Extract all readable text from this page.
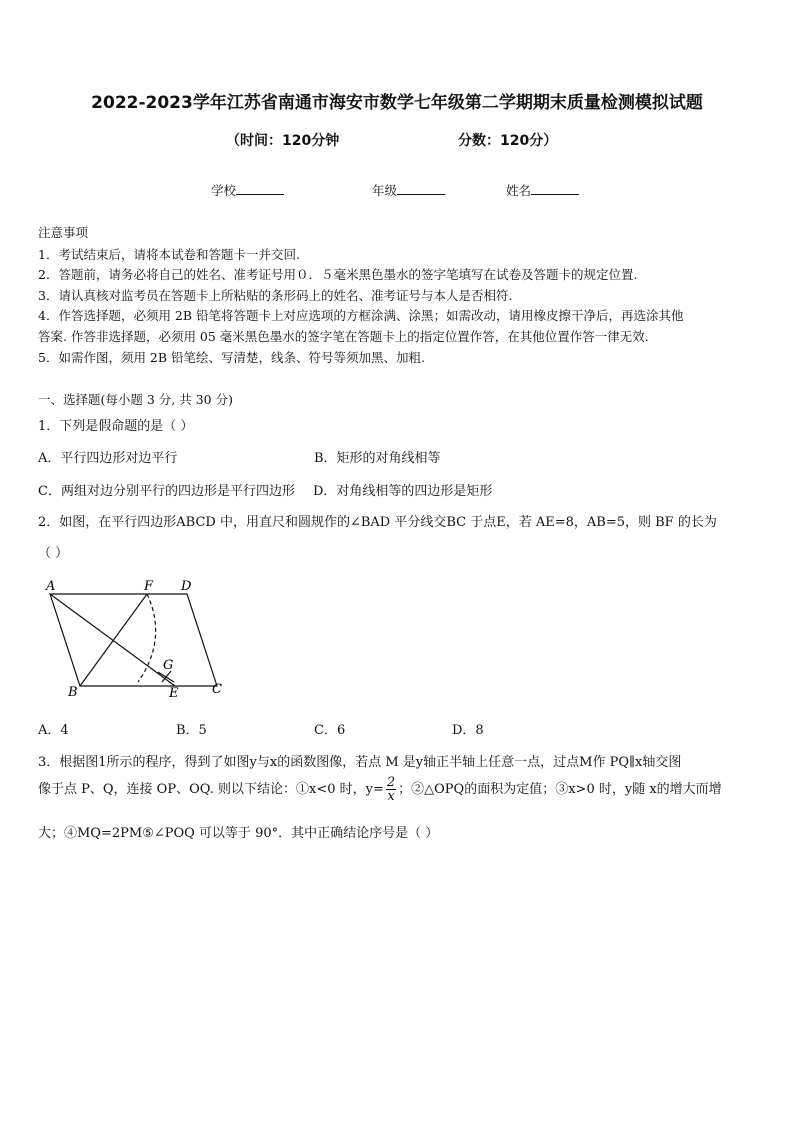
2022-2023学年江苏省南通市海安市数学七年级第二学期期末质量检测模拟试题
（时间：120分钟	分数：120分）
学校	年级	姓名
注意事项
1．考试结束后，请将本试卷和答题卡一并交回.
2．答题前，请务必将自己的姓名、准考证号用０．５毫米黑色墨水的签字笔填写在试卷及答题卡的规定位置.
3．请认真核对监考员在答题卡上所粘贴的条形码上的姓名、准考证号与本人是否相符.
4．作答选择题，必须用 2B 铅笔将答题卡上对应选项的方框涂满、涂黑；如需改动，请用橡皮擦干净后，再选涂其他
答案. 作答非选择题，必须用 05 毫米黑色墨水的签字笔在答题卡上的指定位置作答，在其他位置作答一律无效.
5．如需作图，须用 2B 铅笔绘、写清楚，线条、符号等须加黑、加粗.
一、选择题(每小题 3 分, 共 30 分)
1．下列是假命题的是（ ）
A．平行四边形对边平行	B．矩形的对角线相等
C．两组对边分别平行的四边形是平行四边形 D．对角线相等的四边形是矩形
2．如图，在平行四边形ABCD 中，用直尺和圆规作的∠BAD 平分线交BC 于点E，若 AE=8，AB=5，则 BF 的长为
（ ）
A	F D
G
B	E	C
A．4	B．5	C．6	D．8
3．根据图1所示的程序，得到了如图y与x的函数图像，若点 M 是y轴正半轴上任意一点，过点M作 PQ∥x轴交图
像于点 P、Q，连接 OP、OQ. 则以下结论：①x<0 时，$y= \frac{2}{x}$ ；②△OPQ的面积为定值；③x>0 时，y随 x的增大而增
大；④MQ=2PM⑤∠POQ 可以等于 90°．其中正确结论序号是（ ）
